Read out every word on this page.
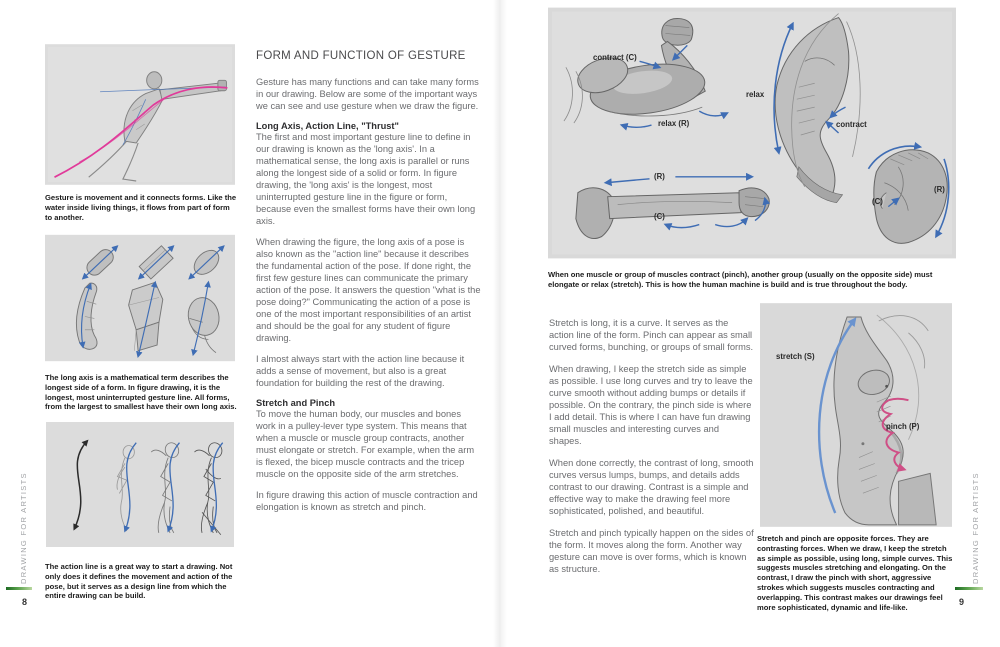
DRAWING FOR ARTISTS
8
DRAWING FOR ARTISTS
9
Gesture is movement and it connects forms. Like the water inside living things, it flows from part of form to another.
The long axis is a mathematical term describes the longest side of a form. In figure drawing, it is the longest, most uninterrupted gesture line. All forms, from the largest to smallest have their own long axis.
The action line is a great way to start a drawing. Not only does it defines the movement and action of the pose, but it serves as a design line from which the entire drawing can be build.
FORM AND FUNCTION OF GESTURE

Gesture has many functions and can take many forms in our drawing. Below are some of the important ways we can see and use gesture when we draw the figure.

Long Axis, Action Line, "Thrust"

The first and most important gesture line to define in our drawing is known as the 'long axis'. In a mathematical sense, the long axis is parallel or runs along the longest side of a solid or form. In figure drawing, the 'long axis' is the longest, most uninterrupted gesture line in the figure or form, because even the smallest forms have their own long axis.

When drawing the figure, the long axis of a pose is also known as the "action line" because it describes the fundamental action of the pose. If done right, the first few gesture lines can communicate the primary action of the pose. It answers the question "what is the pose doing?" Communicating the action of a pose is one of the most important responsibilities of an artist and should be the goal for any student of figure drawing.

I almost always start with the action line because it adds a sense of movement, but also is a great foundation for building the rest of the drawing.

Stretch and Pinch

To move the human body, our muscles and bones work in a pulley-lever type system. This means that when a muscle or muscle group contracts, another must elongate or stretch. For example, when the arm is flexed, the bicep muscle contracts and the tricep muscle on the opposite side of the arm stretches.

In figure drawing this action of muscle contraction and elongation is known as stretch and pinch.

contract (C)
relax (R)
(R)
(C)
relax
contract
(C)
(R)
When one muscle or group of muscles contract (pinch), another group (usually on the opposite side) must elongate or relax (stretch). This is how the human machine is build and is true throughout the body.

Stretch is long, it is a curve. It serves as the action line of the form. Pinch can appear as small curved forms, bunching, or groups of small forms.

When drawing, I keep the stretch side as simple as possible. I use long curves and try to leave the curve smooth without adding bumps or details if possible. On the contrary, the pinch side is where I add detail. This is where I can have fun drawing small muscles and interesting curves and shapes.

When done correctly, the contrast of long, smooth curves versus lumps, bumps, and details adds contrast to our drawing. Contrast is a simple and effective way to make the drawing feel more sophisticated, polished, and beautiful.

Stretch and pinch typically happen on the sides of the form. It moves along the form. Another way gesture can move is over forms, which is known as structure.

stretch (S)
pinch (P)
Stretch and pinch are opposite forces. They are contrasting forces. When we draw, I keep the stretch as simple as possible, using long, simple curves. This suggests muscles stretching and elongating. On the contrast, I draw the pinch with short, aggressive strokes which suggests muscles contracting and overlapping. This contrast makes our drawings feel more sophisticated, dynamic and life-like.
